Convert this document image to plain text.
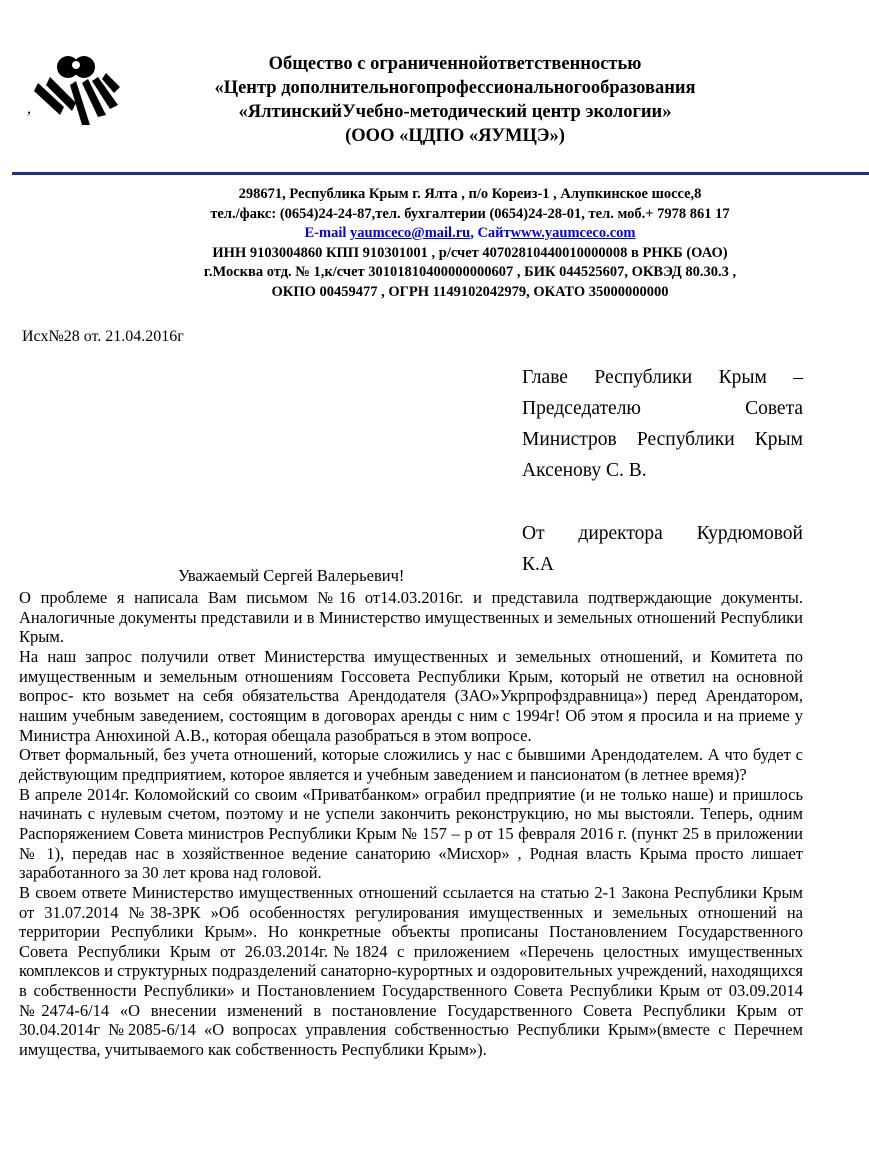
,
Общество с ограниченнойответственностью
«Центр дополнительногопрофессиональногообразования
«ЯлтинскийУчебно-методический центр экологии»
(ООО «ЦДПО «ЯУМЦЭ»)
298671, Республика Крым г. Ялта , п/о Кореиз-1 , Алупкинское шоссе,8
тел./факс: (0654)24-24-87,тел. бухгалтерии (0654)24-28-01, тел. моб.+ 7978 861 17
E-mail yaumceco@mail.ru, Сайтwww.yaumceco.com
ИНН 9103004860 КПП 910301001 , р/счет 40702810440010000008 в РНКБ (ОАО)
г.Москва отд. № 1,к/счет 30101810400000000607 , БИК 044525607, ОКВЭД 80.30.3 ,
ОКПО 00459477 , ОГРН 1149102042979, ОКАТО 35000000000
Исх№28 от. 21.04.2016г
Главе Республики Крым –
Председателю Совета
Министров Республики Крым
Аксенову С. В.
От директора Курдюмовой
К.А
Уважаемый Сергей Валерьевич!

О проблеме я написала Вам письмом №16 от14.03.2016г. и представила подтверждающие документы. Аналогичные документы представили и в Министерство имущественных и земельных отношений Республики Крым.

На наш запрос получили ответ Министерства имущественных и земельных отношений, и Комитета по имущественным и земельным отношениям Госсовета Республики Крым, который не ответил на основной вопрос- кто возьмет на себя обязательства Арендодателя (ЗАО»Укрпрофздравница») перед Арендатором, нашим учебным заведением, состоящим в договорах аренды с ним с 1994г! Об этом я просила и на приеме у Министра Анюхиной А.В., которая обещала разобраться в этом вопросе.

Ответ формальный, без учета отношений, которые сложились у нас с бывшими Арендодателем. А что будет с действующим предприятием, которое является и учебным заведением и пансионатом (в летнее время)?

В апреле 2014г. Коломойский со своим «Приватбанком» ограбил предприятие (и не только наше) и пришлось начинать с нулевым счетом, поэтому и не успели закончить реконструкцию, но мы выстояли. Теперь, одним Распоряжением Совета министров Республики Крым № 157 – р от 15 февраля 2016 г. (пункт 25 в приложении № 1), передав нас в хозяйственное ведение санаторию «Мисхор» , Родная власть Крыма просто лишает заработанного за 30 лет крова над головой.

В своем ответе Министерство имущественных отношений ссылается на статью 2-1 Закона Республики Крым от 31.07.2014 №38-ЗРК »Об особенностях регулирования имущественных и земельных отношений на территории Республики Крым». Но конкретные объекты прописаны Постановлением Государственного Совета Республики Крым от 26.03.2014г.№1824 с приложением «Перечень целостных имущественных комплексов и структурных подразделений санаторно-курортных и оздоровительных учреждений, находящихся в собственности Республики» и Постановлением Государственного Совета Республики Крым от 03.09.2014 №2474-6/14 «О внесении изменений в постановление Государственного Совета Республики Крым от 30.04.2014г №2085-6/14 «О вопросах управления собственностью Республики Крым»(вместе с Перечнем имущества, учитываемого как собственность Республики Крым»).
